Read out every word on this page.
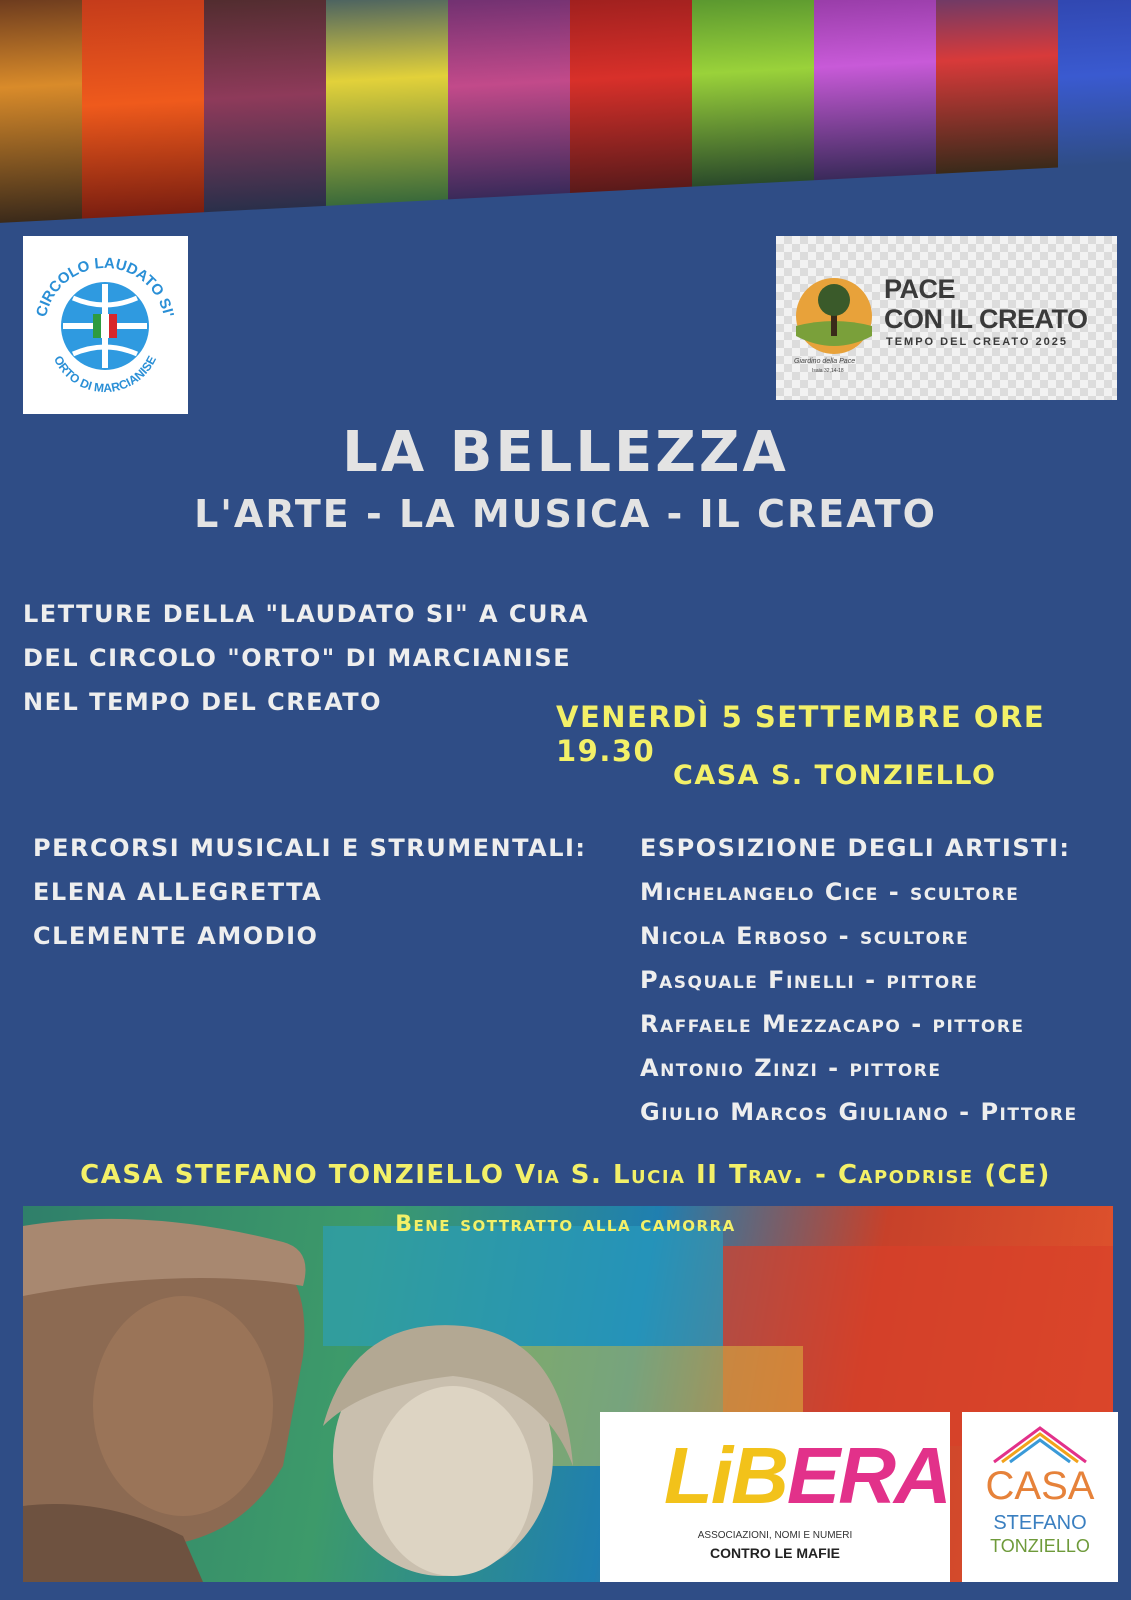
CIRCOLO LAUDATO SI'
ORTO DI MARCIANISE
PACE
CON IL CREATO
TEMPO DEL CREATO 2025
Giardino della Pace
Isaia 32,14-18
LA BELLEZZA
L'ARTE - LA MUSICA - IL CREATO
LETTURE DELLA "LAUDATO SI" A CURA
DEL CIRCOLO "ORTO" DI MARCIANISE
NEL TEMPO DEL CREATO	VENERDÌ 5 SETTEMBRE ORE 19.30
CASA S. TONZIELLO
PERCORSI MUSICALI E STRUMENTALI:
ELENA ALLEGRETTA
CLEMENTE AMODIO
ESPOSIZIONE DEGLI ARTISTI:
Michelangelo Cice - scultore
Nicola Erboso - scultore
Pasquale Finelli - pittore
Raffaele Mezzacapo - pittore
Antonio Zinzi - pittore
Giulio Marcos Giuliano - Pittore
CASA STEFANO TONZIELLO Via S. Lucia II Trav. - Capodrise (CE)
Bene sottratto alla camorra
LiBERA
ASSOCIAZIONI, NOMI E NUMERI
CONTRO LE MAFIE
CASA
STEFANO
TONZIELLO
